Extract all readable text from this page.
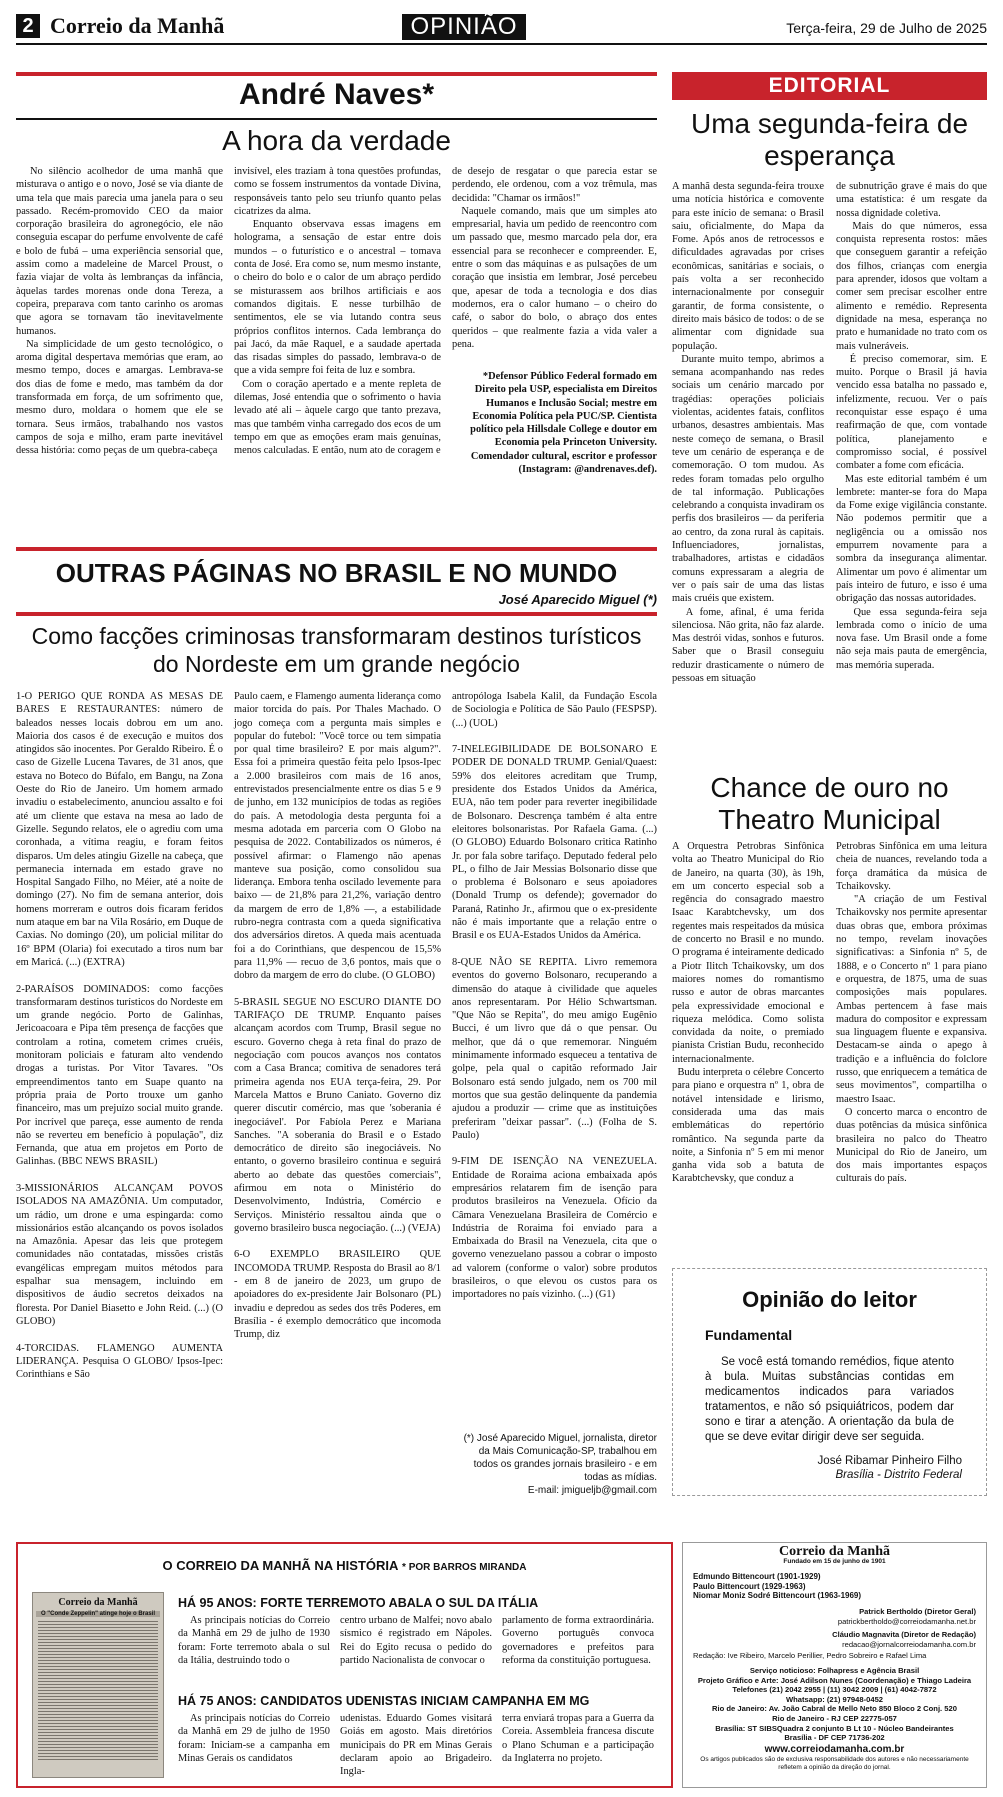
2 Correio da Manhã	OPINIÃO	Terça-feira, 29 de Julho de 2025
André Naves*
A hora da verdade
No silêncio acolhedor de uma manhã que misturava o antigo e o novo, José se via diante de uma tela que mais parecia uma janela para o seu passado. Recém-promovido CEO da maior corporação brasileira do agronegócio, ele não conseguia escapar do perfume envolvente de café e bolo de fubá – uma experiência sensorial que, assim como a madeleine de Marcel Proust, o fazia viajar de volta às lembranças da infância, àquelas tardes morenas onde dona Tereza, a copeira, preparava com tanto carinho os aromas que agora se tornavam tão inevitavelmente humanos.
Na simplicidade de um gesto tecnológico, o aroma digital despertava memórias que eram, ao mesmo tempo, doces e amargas. Lembrava-se dos dias de fome e medo, mas também da dor transformada em força, de um sofrimento que, mesmo duro, moldara o homem que ele se tornara. Seus irmãos, trabalhando nos vastos campos de soja e milho, eram parte inevitável dessa história: como peças de um quebra-cabeça
invisível, eles traziam à tona questões profundas, como se fossem instrumentos da vontade Divina, responsáveis tanto pelo seu triunfo quanto pelas cicatrizes da alma.
Enquanto observava essas imagens em holograma, a sensação de estar entre dois mundos – o futurístico e o ancestral – tomava conta de José. Era como se, num mesmo instante, o cheiro do bolo e o calor de um abraço perdido se misturassem aos brilhos artificiais e aos comandos digitais. E nesse turbilhão de sentimentos, ele se via lutando contra seus próprios conflitos internos. Cada lembrança do pai Jacó, da mãe Raquel, e a saudade apertada das risadas simples do passado, lembrava-o de que a vida sempre foi feita de luz e sombra.
Com o coração apertado e a mente repleta de dilemas, José entendia que o sofrimento o havia levado até ali – àquele cargo que tanto prezava, mas que também vinha carregado dos ecos de um tempo em que as emoções eram mais genuínas, menos calculadas. E então, num ato de coragem e
de desejo de resgatar o que parecia estar se perdendo, ele ordenou, com a voz trêmula, mas decidida: "Chamar os irmãos!"
Naquele comando, mais que um simples ato empresarial, havia um pedido de reencontro com um passado que, mesmo marcado pela dor, era essencial para se reconhecer e compreender. E, entre o som das máquinas e as pulsações de um coração que insistia em lembrar, José percebeu que, apesar de toda a tecnologia e dos dias modernos, era o calor humano – o cheiro do café, o sabor do bolo, o abraço dos entes queridos – que realmente fazia a vida valer a pena.
*Defensor Público Federal formado em Direito pela USP, especialista em Direitos Humanos e Inclusão Social; mestre em Economia Política pela PUC/SP. Cientista político pela Hillsdale College e doutor em Economia pela Princeton University. Comendador cultural, escritor e professor (Instagram: @andrenaves.def).
OUTRAS PÁGINAS NO BRASIL E NO MUNDO
José Aparecido Miguel (*)
Como facções criminosas transformaram destinos turísticos do Nordeste em um grande negócio
1-O PERIGO QUE RONDA AS MESAS DE BARES E RESTAURANTES: número de baleados nesses locais dobrou em um ano. Maioria dos casos é de execução e muitos dos atingidos são inocentes. Por Geraldo Ribeiro. É o caso de Gizelle Lucena Tavares, de 31 anos, que estava no Boteco do Búfalo, em Bangu, na Zona Oeste do Rio de Janeiro. Um homem armado invadiu o estabelecimento, anunciou assalto e foi até um cliente que estava na mesa ao lado de Gizelle. Segundo relatos, ele o agrediu com uma coronhada, a vítima reagiu, e foram feitos disparos. Um deles atingiu Gizelle na cabeça, que permanecia internada em estado grave no Hospital Sangado Filho, no Méier, até a noite de domingo (27). No fim de semana anterior, dois homens morreram e outros dois ficaram feridos num ataque em bar na Vila Rosário, em Duque de Caxias. No domingo (20), um policial militar do 16º BPM (Olaria) foi executado a tiros num bar em Maricá. (...) (EXTRA)

2-PARAÍSOS DOMINADOS: como facções transformaram destinos turísticos do Nordeste em um grande negócio. Porto de Galinhas, Jericoacoara e Pipa têm presença de facções que controlam a rotina, cometem crimes cruéis, monitoram policiais e faturam alto vendendo drogas a turistas. Por Vitor Tavares. "Os empreendimentos tanto em Suape quanto na própria praia de Porto trouxe um ganho financeiro, mas um prejuízo social muito grande. Por incrível que pareça, esse aumento de renda não se reverteu em benefício à população", diz Fernanda, que atua em projetos em Porto de Galinhas. (BBC NEWS BRASIL)

3-MISSIONÁRIOS ALCANÇAM POVOS ISOLADOS NA AMAZÔNIA. Um computador, um rádio, um drone e uma espingarda: como missionários estão alcançando os povos isolados na Amazônia. Apesar das leis que protegem comunidades não contatadas, missões cristãs evangélicas empregam muitos métodos para espalhar sua mensagem, incluindo em dispositivos de áudio secretos deixados na floresta. Por Daniel Biasetto e John Reid. (...) (O GLOBO)

4-TORCIDAS. FLAMENGO AUMENTA LIDERANÇA. Pesquisa O GLOBO/ Ipsos-Ipec: Corinthians e São
Paulo caem, e Flamengo aumenta liderança como maior torcida do país. Por Thales Machado. O jogo começa com a pergunta mais simples e popular do futebol: "Você torce ou tem simpatia por qual time brasileiro? E por mais algum?". Essa foi a primeira questão feita pelo Ipsos-Ipec a 2.000 brasileiros com mais de 16 anos, entrevistados presencialmente entre os dias 5 e 9 de junho, em 132 municípios de todas as regiões do país. A metodologia desta pergunta foi a mesma adotada em parceria com O Globo na pesquisa de 2022. Contabilizados os números, é possível afirmar: o Flamengo não apenas manteve sua posição, como consolidou sua liderança. Embora tenha oscilado levemente para baixo — de 21,8% para 21,2%, variação dentro da margem de erro de 1,8% —, a estabilidade rubro-negra contrasta com a queda significativa dos adversários diretos. A queda mais acentuada foi a do Corinthians, que despencou de 15,5% para 11,9% — recuo de 3,6 pontos, mais que o dobro da margem de erro do clube. (O GLOBO)

5-BRASIL SEGUE NO ESCURO DIANTE DO TARIFAÇO DE TRUMP. Enquanto países alcançam acordos com Trump, Brasil segue no escuro. Governo chega à reta final do prazo de negociação com poucos avanços nos contatos com a Casa Branca; comitiva de senadores terá primeira agenda nos EUA terça-feira, 29. Por Marcela Mattos e Bruno Caniato. Governo diz querer discutir comércio, mas que 'soberania é inegociável'. Por Fabíola Perez e Mariana Sanches. "A soberania do Brasil e o Estado democrático de direito são inegociáveis. No entanto, o governo brasileiro continua e seguirá aberto ao debate das questões comerciais", afirmou em nota o Ministério do Desenvolvimento, Indústria, Comércio e Serviços. Ministério ressaltou ainda que o governo brasileiro busca negociação. (...) (VEJA)

6-O EXEMPLO BRASILEIRO QUE INCOMODA TRUMP. Resposta do Brasil ao 8/1 - em 8 de janeiro de 2023, um grupo de apoiadores do ex-presidente Jair Bolsonaro (PL) invadiu e depredou as sedes dos três Poderes, em Brasília - é exemplo democrático que incomoda Trump, diz
antropóloga Isabela Kalil, da Fundação Escola de Sociologia e Política de São Paulo (FESPSP). (...) (UOL)

7-INELEGIBILIDADE DE BOLSONARO E PODER DE DONALD TRUMP. Genial/Quaest: 59% dos eleitores acreditam que Trump, presidente dos Estados Unidos da América, EUA, não tem poder para reverter inegibilidade de Bolsonaro. Descrença também é alta entre eleitores bolsonaristas. Por Rafaela Gama. (...) (O GLOBO) Eduardo Bolsonaro critica Ratinho Jr. por fala sobre tarifaço. Deputado federal pelo PL, o filho de Jair Messias Bolsonario disse que o problema é Bolsonaro e seus apoiadores (Donald Trump os defende); governador do Paraná, Ratinho Jr., afirmou que o ex-presidente não é mais importante que a relação entre o Brasil e os EUA-Estados Unidos da América.

8-QUE NÃO SE REPITA. Livro rememora eventos do governo Bolsonaro, recuperando a dimensão do ataque à civilidade que aqueles anos representaram. Por Hélio Schwartsman. "Que Não se Repita", do meu amigo Eugênio Bucci, é um livro que dá o que pensar. Ou melhor, que dá o que rememorar. Ninguém minimamente informado esqueceu a tentativa de golpe, pela qual o capitão reformado Jair Bolsonaro está sendo julgado, nem os 700 mil mortos que sua gestão delinquente da pandemia ajudou a produzir — crime que as instituições preferiram "deixar passar". (...) (Folha de S. Paulo)

9-FIM DE ISENÇÃO NA VENEZUELA. Entidade de Roraima aciona embaixada após empresários relatarem fim de isenção para produtos brasileiros na Venezuela. Ofício da Câmara Venezuelana Brasileira de Comércio e Indústria de Roraima foi enviado para a Embaixada do Brasil na Venezuela, cita que o governo venezuelano passou a cobrar o imposto ad valorem (conforme o valor) sobre produtos brasileiros, o que elevou os custos para os importadores no país vizinho. (...) (G1)
(*) José Aparecido Miguel, jornalista, diretor da Mais Comunicação-SP, trabalhou em todos os grandes jornais brasileiro - e em todas as mídias.
E-mail: jmigueljb@gmail.com
EDITORIAL
Uma segunda-feira de esperança
A manhã desta segunda-feira trouxe uma notícia histórica e comovente para este início de semana: o Brasil saiu, oficialmente, do Mapa da Fome. Após anos de retrocessos e dificuldades agravadas por crises econômicas, sanitárias e sociais, o país volta a ser reconhecido internacionalmente por conseguir garantir, de forma consistente, o direito mais básico de todos: o de se alimentar com dignidade sua população.
Durante muito tempo, abrimos a semana acompanhando nas redes sociais um cenário marcado por tragédias: operações policiais violentas, acidentes fatais, conflitos urbanos, desastres ambientais. Mas neste começo de semana, o Brasil teve um cenário de esperança e de comemoração. O tom mudou. As redes foram tomadas pelo orgulho de tal informação. Publicações celebrando a conquista invadiram os perfis dos brasileiros — da periferia ao centro, da zona rural às capitais. Influenciadores, jornalistas, trabalhadores, artistas e cidadãos comuns expressaram a alegria de ver o país sair de uma das listas mais cruéis que existem.
A fome, afinal, é uma ferida silenciosa. Não grita, não faz alarde. Mas destrói vidas, sonhos e futuros. Saber que o Brasil conseguiu reduzir drasticamente o número de pessoas em situação
de subnutrição grave é mais do que uma estatística: é um resgate da nossa dignidade coletiva.
Mais do que números, essa conquista representa rostos: mães que conseguem garantir a refeição dos filhos, crianças com energia para aprender, idosos que voltam a comer sem precisar escolher entre alimento e remédio. Representa dignidade na mesa, esperança no prato e humanidade no trato com os mais vulneráveis.
É preciso comemorar, sim. E muito. Porque o Brasil já havia vencido essa batalha no passado e, infelizmente, recuou. Ver o país reconquistar esse espaço é uma reafirmação de que, com vontade política, planejamento e compromisso social, é possível combater a fome com eficácia.
Mas este editorial também é um lembrete: manter-se fora do Mapa da Fome exige vigilância constante. Não podemos permitir que a negligência ou a omissão nos empurrem novamente para a sombra da insegurança alimentar. Alimentar um povo é alimentar um país inteiro de futuro, e isso é uma obrigação das nossas autoridades.
Que essa segunda-feira seja lembrada como o início de uma nova fase. Um Brasil onde a fome não seja mais pauta de emergência, mas memória superada.
Chance de ouro no Theatro Municipal
A Orquestra Petrobras Sinfônica volta ao Theatro Municipal do Rio de Janeiro, na quarta (30), às 19h, em um concerto especial sob a regência do consagrado maestro Isaac Karabtchevsky, um dos regentes mais respeitados da música de concerto no Brasil e no mundo. O programa é inteiramente dedicado a Piotr Ilitch Tchaikovsky, um dos maiores nomes do romantismo russo e autor de obras marcantes pela expressividade emocional e riqueza melódica. Como solista convidada da noite, o premiado pianista Cristian Budu, reconhecido internacionalmente.
Budu interpreta o célebre Concerto para piano e orquestra nº 1, obra de notável intensidade e lirismo, considerada uma das mais emblemáticas do repertório romântico. Na segunda parte da noite, a Sinfonia nº 5 em mi menor ganha vida sob a batuta de Karabtchevsky, que conduz a
Petrobras Sinfônica em uma leitura cheia de nuances, revelando toda a força dramática da música de Tchaikovsky.
"A criação de um Festival Tchaikovsky nos permite apresentar duas obras que, embora próximas no tempo, revelam inovações significativas: a Sinfonia nº 5, de 1888, e o Concerto nº 1 para piano e orquestra, de 1875, uma de suas composições mais populares. Ambas pertencem à fase mais madura do compositor e expressam sua linguagem fluente e expansiva. Destacam-se ainda o apego à tradição e a influência do folclore russo, que enriquecem a temática de seus movimentos", compartilha o maestro Isaac.
O concerto marca o encontro de duas potências da música sinfônica brasileira no palco do Theatro Municipal do Rio de Janeiro, um dos mais importantes espaços culturais do país.
Opinião do leitor
Fundamental
Se você está tomando remédios, fique atento à bula. Muitas substâncias contidas em medicamentos indicados para variados tratamentos, e não só psiquiátricos, podem dar sono e tirar a atenção. A orientação da bula de que se deve evitar dirigir deve ser seguida.
José Ribamar Pinheiro Filho
Brasília - Distrito Federal
O CORREIO DA MANHÃ NA HISTÓRIA * POR BARROS MIRANDA
Correio da Manhã
O "Conde Zeppelin" atinge hoje o Brasil
HÁ 95 ANOS: FORTE TERREMOTO ABALA O SUL DA ITÁLIA
As principais notícias do Correio da Manhã em 29 de julho de 1930 foram: Forte terremoto abala o sul da Itália, destruindo todo o
centro urbano de Malfei; novo abalo sísmico é registrado em Nápoles. Rei do Egito recusa o pedido do partido Nacionalista de convocar o
parlamento de forma extraordinária. Governo português convoca governadores e prefeitos para reforma da constituição portuguesa.
HÁ 75 ANOS: CANDIDATOS UDENISTAS INICIAM CAMPANHA EM MG
As principais notícias do Correio da Manhã em 29 de julho de 1950 foram: Iniciam-se a campanha em Minas Gerais os candidatos
udenistas. Eduardo Gomes visitará Goiás em agosto. Mais diretórios municipais do PR em Minas Gerais declaram apoio ao Brigadeiro. Ingla-
terra enviará tropas para a Guerra da Coreia. Assembleia francesa discute o Plano Schuman e a participação da Inglaterra no projeto.
Correio da Manhã
Fundado em 15 de junho de 1901
Edmundo Bittencourt (1901-1929)
Paulo Bittencourt (1929-1963)
Niomar Moniz Sodré Bittencourt (1963-1969)
Patrick Bertholdo (Diretor Geral)
patrickbertholdo@correiodamanha.net.br
Cláudio Magnavita (Diretor de Redação)
redacao@jornalcorreiodamanha.com.br
Redação: Ive Ribeiro, Marcelo Perillier, Pedro Sobreiro e Rafael Lima
Serviço noticioso: Folhapress e Agência Brasil
Projeto Gráfico e Arte: José Adilson Nunes (Coordenação) e Thiago Ladeira
Telefones (21) 2042 2955 | (11) 3042 2009 | (61) 4042-7872
Whatsapp: (21) 97948-0452
Rio de Janeiro: Av. João Cabral de Mello Neto 850 Bloco 2 Conj. 520
Rio de Janeiro - RJ CEP 22775-057
Brasília: ST SIBSQuadra 2 conjunto B Lt 10 - Núcleo Bandeirantes
Brasília - DF CEP 71736-202
www.correiodamanha.com.br
Os artigos publicados são de exclusiva responsabilidade dos autores e não necessariamente refletem a opinião da direção do jornal.
